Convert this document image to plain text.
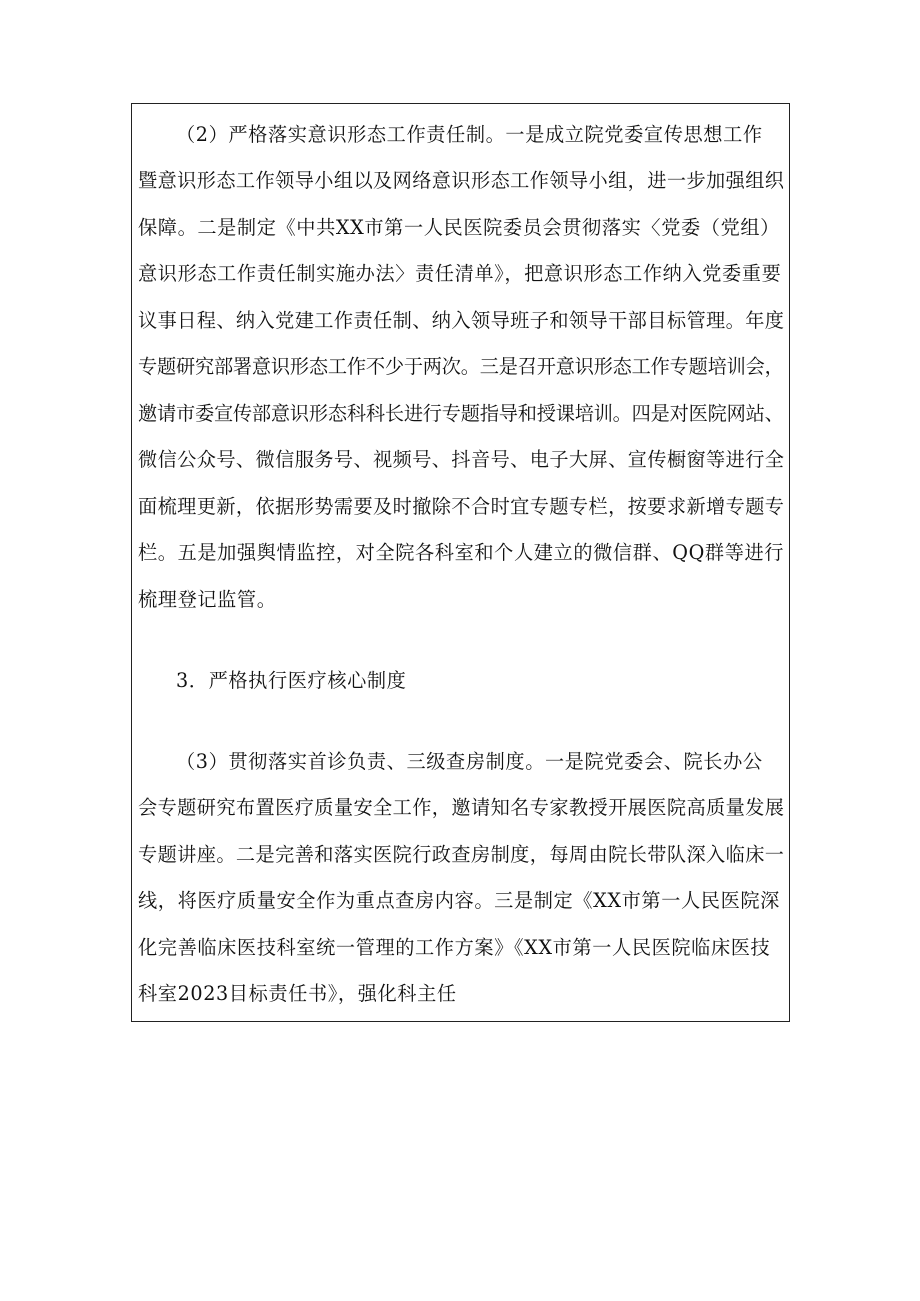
（2）严格落实意识形态工作责任制。一是成立院党委宣传思想工作
暨意识形态工作领导小组以及网络意识形态工作领导小组，进一步加强组织
保障。二是制定《中共XX市第一人民医院委员会贯彻落实〈党委（党组）
意识形态工作责任制实施办法〉责任清单》，把意识形态工作纳入党委重要
议事日程、纳入党建工作责任制、纳入领导班子和领导干部目标管理。年度
专题研究部署意识形态工作不少于两次。三是召开意识形态工作专题培训会，
邀请市委宣传部意识形态科科长进行专题指导和授课培训。四是对医院网站、
微信公众号、微信服务号、视频号、抖音号、电子大屏、宣传橱窗等进行全
面梳理更新，依据形势需要及时撤除不合时宜专题专栏，按要求新增专题专
栏。五是加强舆情监控，对全院各科室和个人建立的微信群、QQ群等进行
梳理登记监管。
3．严格执行医疗核心制度
（3）贯彻落实首诊负责、三级查房制度。一是院党委会、院长办公
会专题研究布置医疗质量安全工作，邀请知名专家教授开展医院高质量发展
专题讲座。二是完善和落实医院行政查房制度，每周由院长带队深入临床一
线，将医疗质量安全作为重点查房内容。三是制定《XX市第一人民医院深
化完善临床医技科室统一管理的工作方案》《XX市第一人民医院临床医技
科室2023目标责任书》，强化科主任
